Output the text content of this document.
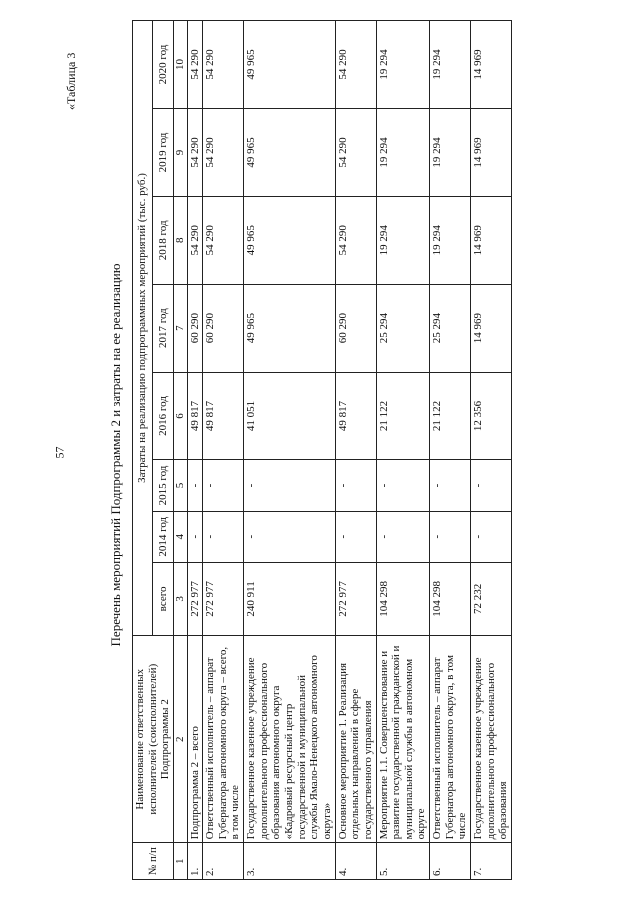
57
«Таблица 3
Перечень мероприятий Подпрограммы 2 и затраты на ее реализацию
№ п/п	Наименование ответственных исполнителей (соисполнителей) Подпрограммы 2	Затраты на реализацию подпрограммных мероприятий (тыс. руб.)							
		всего	2014 год	2015 год	2016 год	2017 год	2018 год	2019 год	2020 год
1	2	3	4	5	6	7	8	9	10
1.	Подпрограмма 2 – всего	272 977	-	-	49 817	60 290	54 290	54 290	54 290
2.	Ответственный исполнитель – аппарат Губернатора автономного округа – всего, в том числе	272 977	-	-	49 817	60 290	54 290	54 290	54 290
3.	Государственное казенное учреждение дополнительного профессионального образования автономного округа «Кадровый ресурсный центр государственной и муниципальной службы Ямало-Ненецкого автономного округа»	240 911	-	-	41 051	49 965	49 965	49 965	49 965
4.	Основное мероприятие 1. Реализация отдельных направлений в сфере государственного управления	272 977	-	-	49 817	60 290	54 290	54 290	54 290
5.	Мероприятие 1.1. Совершенствование и развитие государственной гражданской и муниципальной службы в автономном округе	104 298	-	-	21 122	25 294	19 294	19 294	19 294
6.	Ответственный исполнитель – аппарат Губернатора автономного округа, в том числе	104 298	-	-	21 122	25 294	19 294	19 294	19 294
7.	Государственное казенное учреждение дополнительного профессионального образования	72 232	-	-	12 356	14 969	14 969	14 969	14 969
